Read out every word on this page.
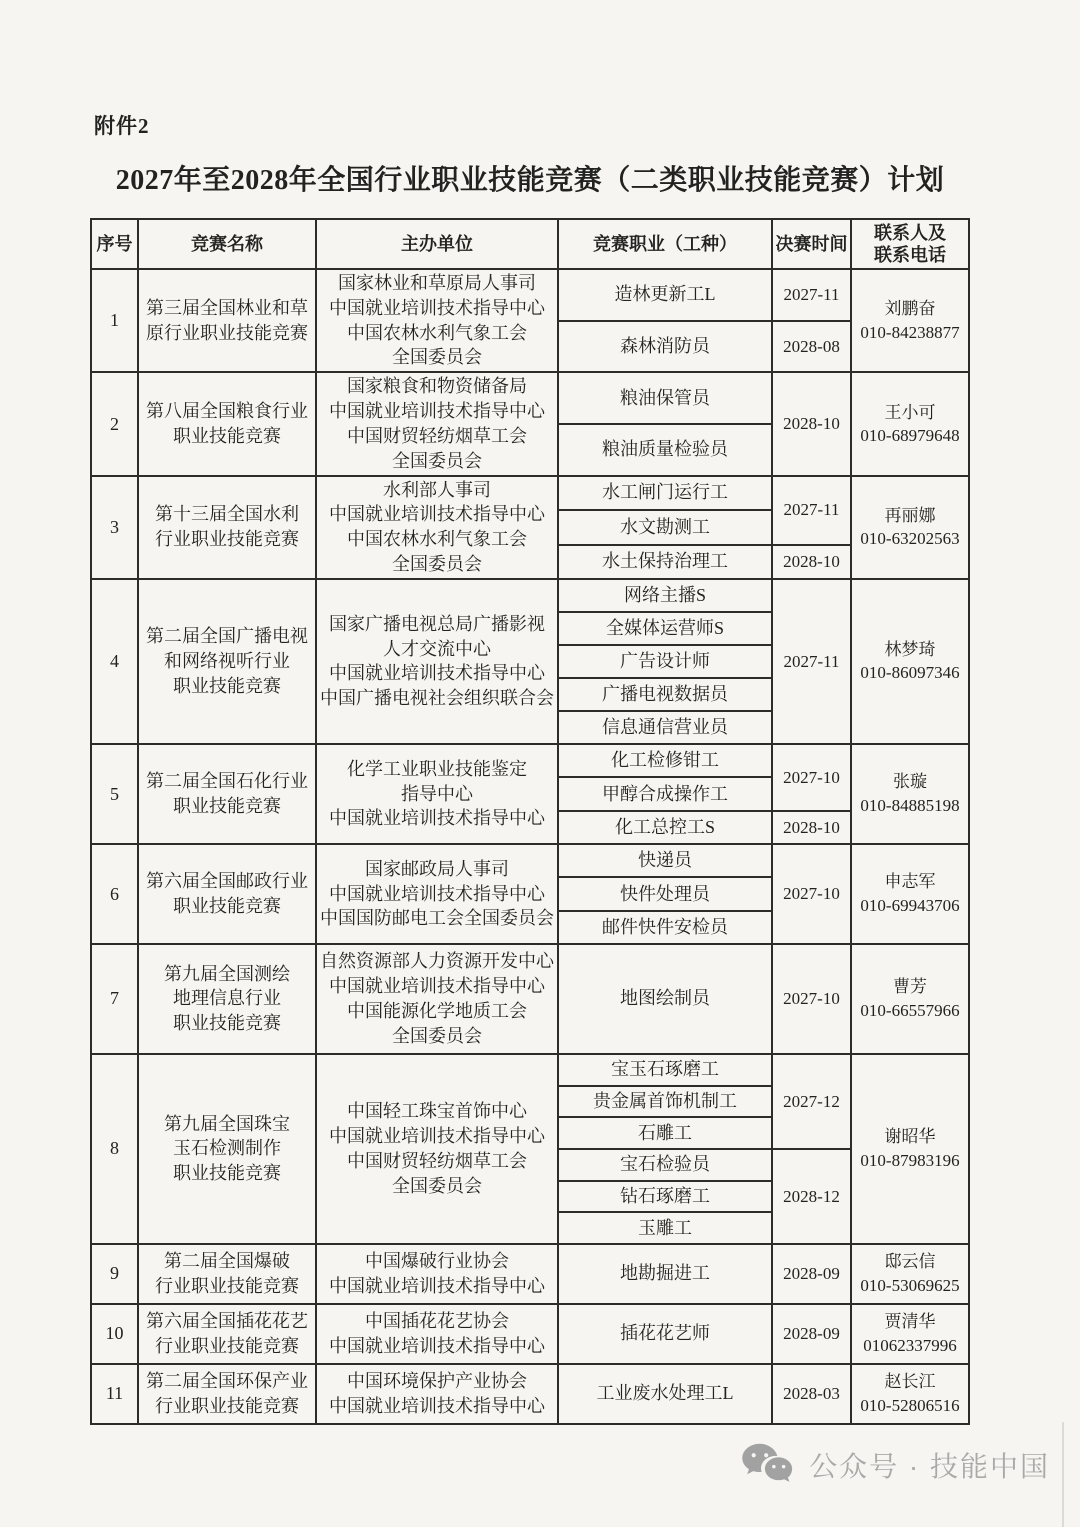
附件2
2027年至2028年全国行业职业技能竞赛（二类职业技能竞赛）计划
序号	竞赛名称	主办单位	竞赛职业（工种）	决赛时间	联系人及
联系电话
1	第三届全国林业和草
原行业职业技能竞赛	国家林业和草原局人事司
中国就业培训技术指导中心
中国农林水利气象工会
全国委员会	造林更新工L	2027-11	刘鹏奋
010-84238877
			森林消防员	2028-08	
2	第八届全国粮食行业
职业技能竞赛	国家粮食和物资储备局
中国就业培训技术指导中心
中国财贸轻纺烟草工会
全国委员会	粮油保管员	2028-10	王小可
010-68979648
			粮油质量检验员		
3	第十三届全国水利
行业职业技能竞赛	水利部人事司
中国就业培训技术指导中心
中国农林水利气象工会
全国委员会	水工闸门运行工	2027-11	再丽娜
010-63202563
			水文勘测工		
			水土保持治理工	2028-10	
4	第二届全国广播电视
和网络视听行业
职业技能竞赛	国家广播电视总局广播影视
人才交流中心
中国就业培训技术指导中心
中国广播电视社会组织联合会	网络主播S	2027-11	林梦琦
010-86097346
			全媒体运营师S		
			广告设计师		
			广播电视数据员		
			信息通信营业员		
5	第二届全国石化行业
职业技能竞赛	化学工业职业技能鉴定
指导中心
中国就业培训技术指导中心	化工检修钳工	2027-10	张璇
010-84885198
			甲醇合成操作工		
			化工总控工S	2028-10	
6	第六届全国邮政行业
职业技能竞赛	国家邮政局人事司
中国就业培训技术指导中心
中国国防邮电工会全国委员会	快递员	2027-10	申志军
010-69943706
			快件处理员		
			邮件快件安检员		
7	第九届全国测绘
地理信息行业
职业技能竞赛	自然资源部人力资源开发中心
中国就业培训技术指导中心
中国能源化学地质工会
全国委员会	地图绘制员	2027-10	曹芳
010-66557966
8	第九届全国珠宝
玉石检测制作
职业技能竞赛	中国轻工珠宝首饰中心
中国就业培训技术指导中心
中国财贸轻纺烟草工会
全国委员会	宝玉石琢磨工	2027-12	谢昭华
010-87983196
			贵金属首饰机制工		
			石雕工		
			宝石检验员	2028-12	
			钻石琢磨工		
			玉雕工		
9	第二届全国爆破
行业职业技能竞赛	中国爆破行业协会
中国就业培训技术指导中心	地勘掘进工	2028-09	邸云信
010-53069625
10	第六届全国插花花艺
行业职业技能竞赛	中国插花花艺协会
中国就业培训技术指导中心	插花花艺师	2028-09	贾清华
01062337996
11	第二届全国环保产业
行业职业技能竞赛	中国环境保护产业协会
中国就业培训技术指导中心	工业废水处理工L	2028-03	赵长江
010-52806516
公众号 · 技能中国
